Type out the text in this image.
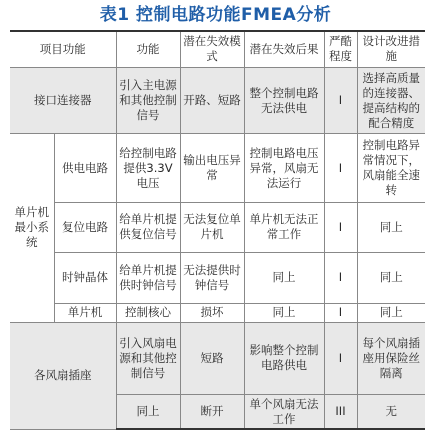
表1 控制电路功能FMEA分析
项目功能		功能	潜在失效模式	潜在失效后果	严酷程度	设计改进措施
接口连接器		引入主电源和其他控制信号	开路、短路	整个控制电路无法供电	I	选择高质量的连接器、提高结构的配合精度
单片机最小系统	供电电路	给控制电路提供3.3V电压	输出电压异常	控制电路电压异常，风扇无法运行	I	控制电路异常情况下，风扇能全速转
	复位电路	给单片机提供复位信号	无法复位单片机	单片机无法正常工作	I	同上
	时钟晶体	给单片机提供时钟信号	无法提供时钟信号	同上	I	同上
	单片机	控制核心	损坏	同上	I	同上
各风扇插座		引入风扇电源和其他控制信号	短路	影响整个控制电路供电	I	每个风扇插座用保险丝隔离
		同上	断开	单个风扇无法工作	III	无
